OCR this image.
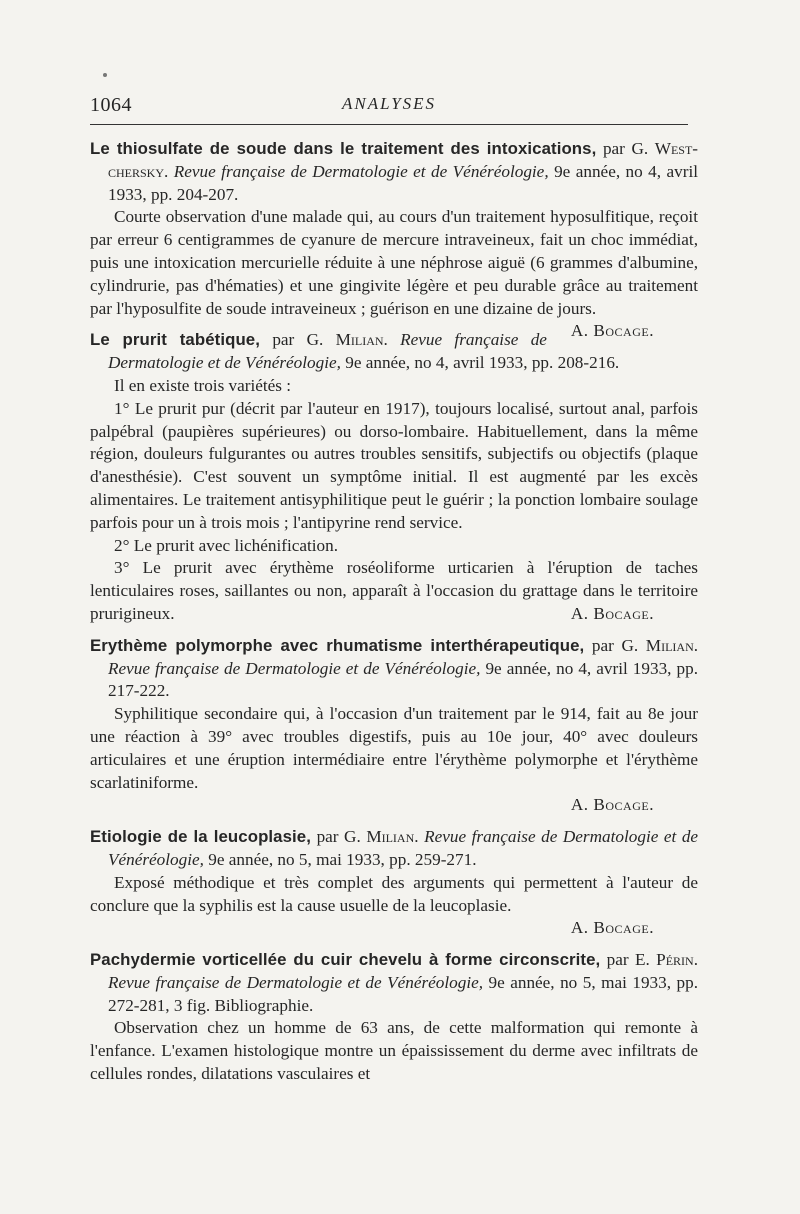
1064	ANALYSES

Le thiosulfate de soude dans le traitement des intoxications, par G. West-chersky. Revue française de Dermatologie et de Vénéréologie, 9e année, no 4, avril 1933, pp. 204-207.

Courte observation d'une malade qui, au cours d'un traitement hyposulfitique, reçoit par erreur 6 centigrammes de cyanure de mercure intraveineux, fait un choc immédiat, puis une intoxication mercurielle réduite à une néphrose aiguë (6 grammes d'albumine, cylindrurie, pas d'hématies) et une gingivite légère et peu durable grâce au traitement par l'hyposulfite de soude intraveineux ; guérison en une dizaine de jours.
A. Bocage.

Le prurit tabétique, par G. Milian. Revue française de Dermatologie et de Vénéréologie, 9e année, no 4, avril 1933, pp. 208-216.

Il en existe trois variétés :

1° Le prurit pur (décrit par l'auteur en 1917), toujours localisé, surtout anal, parfois palpébral (paupières supérieures) ou dorso-lombaire. Habituellement, dans la même région, douleurs fulgurantes ou autres troubles sensitifs, subjectifs ou objectifs (plaque d'anesthésie). C'est souvent un symptôme initial. Il est augmenté par les excès alimentaires. Le traitement antisyphilitique peut le guérir ; la ponction lombaire soulage parfois pour un à trois mois ; l'antipyrine rend service.

2° Le prurit avec lichénification.

3° Le prurit avec érythème roséoliforme urticarien à l'éruption de taches lenticulaires roses, saillantes ou non, apparaît à l'occasion du grattage dans le territoire prurigineux.	A. Bocage.

Erythème polymorphe avec rhumatisme interthérapeutique, par G. Milian. Revue française de Dermatologie et de Vénéréologie, 9e année, no 4, avril 1933, pp. 217-222.

Syphilitique secondaire qui, à l'occasion d'un traitement par le 914, fait au 8e jour une réaction à 39° avec troubles digestifs, puis au 10e jour, 40° avec douleurs articulaires et une éruption intermédiaire entre l'érythème polymorphe et l'érythème scarlatiniforme.

A. Bocage.

Etiologie de la leucoplasie, par G. Milian. Revue française de Dermatologie et de Vénéréologie, 9e année, no 5, mai 1933, pp. 259-271.

Exposé méthodique et très complet des arguments qui permettent à l'auteur de conclure que la syphilis est la cause usuelle de la leucoplasie.

A. Bocage.

Pachydermie vorticellée du cuir chevelu à forme circonscrite, par E. Périn. Revue française de Dermatologie et de Vénéréologie, 9e année, no 5, mai 1933, pp. 272-281, 3 fig. Bibliographie.

Observation chez un homme de 63 ans, de cette malformation qui remonte à l'enfance. L'examen histologique montre un épaississement du derme avec infiltrats de cellules rondes, dilatations vasculaires et
